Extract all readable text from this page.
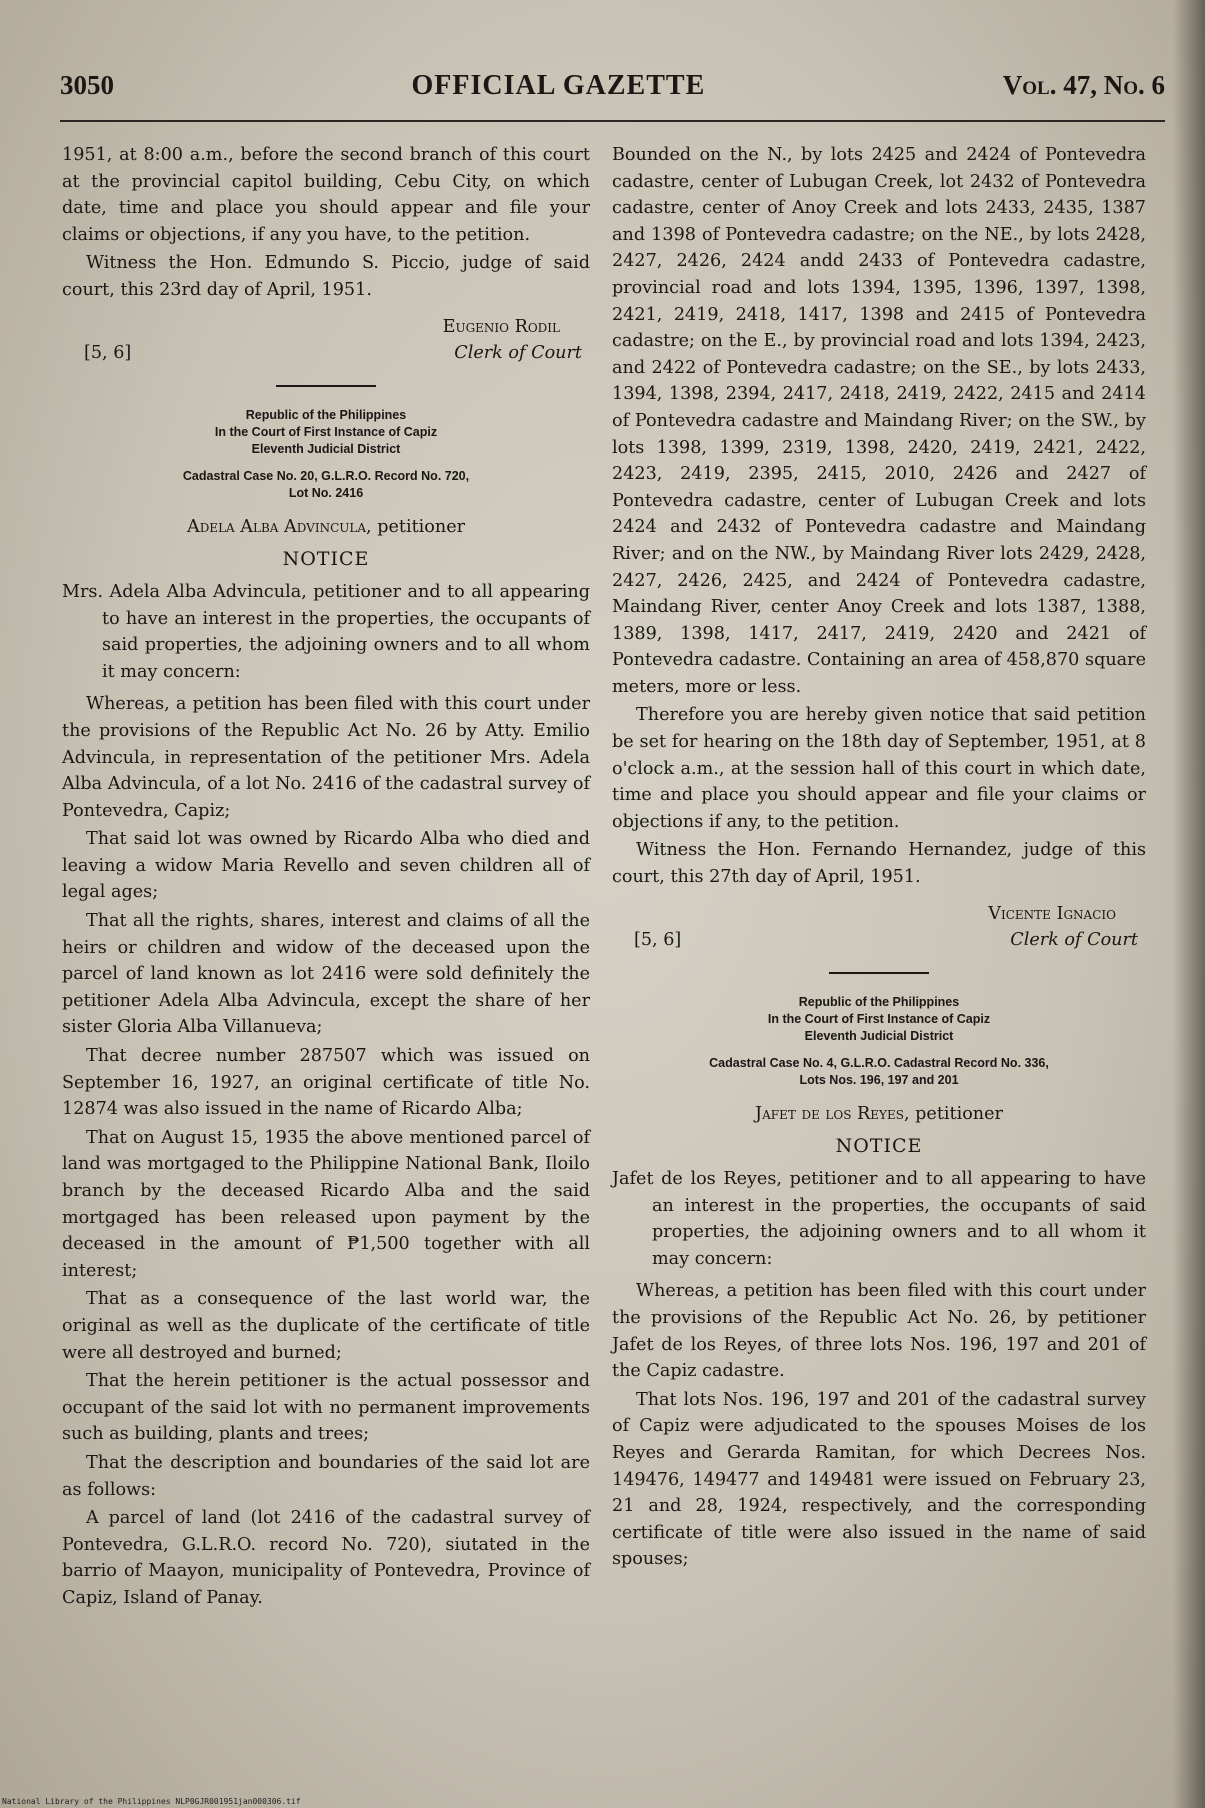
3050	OFFICIAL GAZETTE	Vol. 47, No. 6

1951, at 8:00 a.m., before the second branch of this court at the provincial capitol building, Cebu City, on which date, time and place you should appear and file your claims or objections, if any you have, to the petition.

Witness the Hon. Edmundo S. Piccio, judge of said court, this 23rd day of April, 1951.

Eugenio Rodil
[5, 6]	Clerk of Court
Republic of the Philippines
In the Court of First Instance of Capiz
Eleventh Judicial District
Cadastral Case No. 20, G.L.R.O. Record No. 720,
Lot No. 2416
Adela Alba Advincula, petitioner
NOTICE

Mrs. Adela Alba Advincula, petitioner and to all appearing to have an interest in the properties, the occupants of said properties, the adjoining owners and to all whom it may concern:

Whereas, a petition has been filed with this court under the provisions of the Republic Act No. 26 by Atty. Emilio Advincula, in representation of the petitioner Mrs. Adela Alba Advincula, of a lot No. 2416 of the cadastral survey of Pontevedra, Capiz;

That said lot was owned by Ricardo Alba who died and leaving a widow Maria Revello and seven children all of legal ages;

That all the rights, shares, interest and claims of all the heirs or children and widow of the deceased upon the parcel of land known as lot 2416 were sold definitely the petitioner Adela Alba Advincula, except the share of her sister Gloria Alba Villanueva;

That decree number 287507 which was issued on September 16, 1927, an original certificate of title No. 12874 was also issued in the name of Ricardo Alba;

That on August 15, 1935 the above mentioned parcel of land was mortgaged to the Philippine National Bank, Iloilo branch by the deceased Ricardo Alba and the said mortgaged has been released upon payment by the deceased in the amount of ₱1,500 together with all interest;

That as a consequence of the last world war, the original as well as the duplicate of the certificate of title were all destroyed and burned;

That the herein petitioner is the actual possessor and occupant of the said lot with no permanent improvements such as building, plants and trees;

That the description and boundaries of the said lot are as follows:

A parcel of land (lot 2416 of the cadastral survey of Pontevedra, G.L.R.O. record No. 720), siutated in the barrio of Maayon, municipality of Pontevedra, Province of Capiz, Island of Panay.

Bounded on the N., by lots 2425 and 2424 of Pontevedra cadastre, center of Lubugan Creek, lot 2432 of Pontevedra cadastre, center of Anoy Creek and lots 2433, 2435, 1387 and 1398 of Pontevedra cadastre; on the NE., by lots 2428, 2427, 2426, 2424 andd 2433 of Pontevedra cadastre, provincial road and lots 1394, 1395, 1396, 1397, 1398, 2421, 2419, 2418, 1417, 1398 and 2415 of Pontevedra cadastre; on the E., by provincial road and lots 1394, 2423, and 2422 of Pontevedra cadastre; on the SE., by lots 2433, 1394, 1398, 2394, 2417, 2418, 2419, 2422, 2415 and 2414 of Pontevedra cadastre and Maindang River; on the SW., by lots 1398, 1399, 2319, 1398, 2420, 2419, 2421, 2422, 2423, 2419, 2395, 2415, 2010, 2426 and 2427 of Pontevedra cadastre, center of Lubugan Creek and lots 2424 and 2432 of Pontevedra cadastre and Maindang River; and on the NW., by Maindang River lots 2429, 2428, 2427, 2426, 2425, and 2424 of Pontevedra cadastre, Maindang River, center Anoy Creek and lots 1387, 1388, 1389, 1398, 1417, 2417, 2419, 2420 and 2421 of Pontevedra cadastre. Containing an area of 458,870 square meters, more or less.

Therefore you are hereby given notice that said petition be set for hearing on the 18th day of September, 1951, at 8 o'clock a.m., at the session hall of this court in which date, time and place you should appear and file your claims or objections if any, to the petition.

Witness the Hon. Fernando Hernandez, judge of this court, this 27th day of April, 1951.

Vicente Ignacio
[5, 6]	Clerk of Court
Republic of the Philippines
In the Court of First Instance of Capiz
Eleventh Judicial District
Cadastral Case No. 4, G.L.R.O. Cadastral Record No. 336,
Lots Nos. 196, 197 and 201
Jafet de los Reyes, petitioner
NOTICE

Jafet de los Reyes, petitioner and to all appearing to have an interest in the properties, the occupants of said properties, the adjoining owners and to all whom it may concern:

Whereas, a petition has been filed with this court under the provisions of the Republic Act No. 26, by petitioner Jafet de los Reyes, of three lots Nos. 196, 197 and 201 of the Capiz cadastre.

That lots Nos. 196, 197 and 201 of the cadastral survey of Capiz were adjudicated to the spouses Moises de los Reyes and Gerarda Ramitan, for which Decrees Nos. 149476, 149477 and 149481 were issued on February 23, 21 and 28, 1924, respectively, and the corresponding certificate of title were also issued in the name of said spouses;

National Library of the Philippines NLP0GJR001951jan000306.tif
